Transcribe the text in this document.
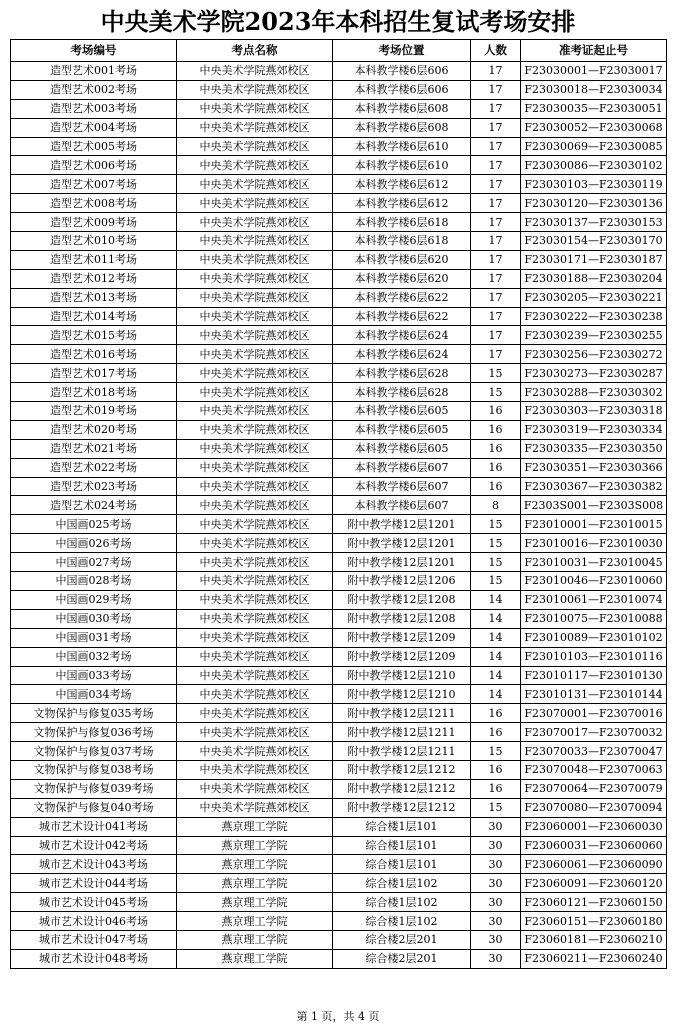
中央美术学院2023年本科招生复试考场安排
考场编号	考点名称	考场位置	人数	准考证起止号
造型艺术001考场	中央美术学院燕郊校区	本科教学楼6层606	17	F23030001—F23030017
造型艺术002考场	中央美术学院燕郊校区	本科教学楼6层606	17	F23030018—F23030034
造型艺术003考场	中央美术学院燕郊校区	本科教学楼6层608	17	F23030035—F23030051
造型艺术004考场	中央美术学院燕郊校区	本科教学楼6层608	17	F23030052—F23030068
造型艺术005考场	中央美术学院燕郊校区	本科教学楼6层610	17	F23030069—F23030085
造型艺术006考场	中央美术学院燕郊校区	本科教学楼6层610	17	F23030086—F23030102
造型艺术007考场	中央美术学院燕郊校区	本科教学楼6层612	17	F23030103—F23030119
造型艺术008考场	中央美术学院燕郊校区	本科教学楼6层612	17	F23030120—F23030136
造型艺术009考场	中央美术学院燕郊校区	本科教学楼6层618	17	F23030137—F23030153
造型艺术010考场	中央美术学院燕郊校区	本科教学楼6层618	17	F23030154—F23030170
造型艺术011考场	中央美术学院燕郊校区	本科教学楼6层620	17	F23030171—F23030187
造型艺术012考场	中央美术学院燕郊校区	本科教学楼6层620	17	F23030188—F23030204
造型艺术013考场	中央美术学院燕郊校区	本科教学楼6层622	17	F23030205—F23030221
造型艺术014考场	中央美术学院燕郊校区	本科教学楼6层622	17	F23030222—F23030238
造型艺术015考场	中央美术学院燕郊校区	本科教学楼6层624	17	F23030239—F23030255
造型艺术016考场	中央美术学院燕郊校区	本科教学楼6层624	17	F23030256—F23030272
造型艺术017考场	中央美术学院燕郊校区	本科教学楼6层628	15	F23030273—F23030287
造型艺术018考场	中央美术学院燕郊校区	本科教学楼6层628	15	F23030288—F23030302
造型艺术019考场	中央美术学院燕郊校区	本科教学楼6层605	16	F23030303—F23030318
造型艺术020考场	中央美术学院燕郊校区	本科教学楼6层605	16	F23030319—F23030334
造型艺术021考场	中央美术学院燕郊校区	本科教学楼6层605	16	F23030335—F23030350
造型艺术022考场	中央美术学院燕郊校区	本科教学楼6层607	16	F23030351—F23030366
造型艺术023考场	中央美术学院燕郊校区	本科教学楼6层607	16	F23030367—F23030382
造型艺术024考场	中央美术学院燕郊校区	本科教学楼6层607	8	F2303S001—F2303S008
中国画025考场	中央美术学院燕郊校区	附中教学楼12层1201	15	F23010001—F23010015
中国画026考场	中央美术学院燕郊校区	附中教学楼12层1201	15	F23010016—F23010030
中国画027考场	中央美术学院燕郊校区	附中教学楼12层1201	15	F23010031—F23010045
中国画028考场	中央美术学院燕郊校区	附中教学楼12层1206	15	F23010046—F23010060
中国画029考场	中央美术学院燕郊校区	附中教学楼12层1208	14	F23010061—F23010074
中国画030考场	中央美术学院燕郊校区	附中教学楼12层1208	14	F23010075—F23010088
中国画031考场	中央美术学院燕郊校区	附中教学楼12层1209	14	F23010089—F23010102
中国画032考场	中央美术学院燕郊校区	附中教学楼12层1209	14	F23010103—F23010116
中国画033考场	中央美术学院燕郊校区	附中教学楼12层1210	14	F23010117—F23010130
中国画034考场	中央美术学院燕郊校区	附中教学楼12层1210	14	F23010131—F23010144
文物保护与修复035考场	中央美术学院燕郊校区	附中教学楼12层1211	16	F23070001—F23070016
文物保护与修复036考场	中央美术学院燕郊校区	附中教学楼12层1211	16	F23070017—F23070032
文物保护与修复037考场	中央美术学院燕郊校区	附中教学楼12层1211	15	F23070033—F23070047
文物保护与修复038考场	中央美术学院燕郊校区	附中教学楼12层1212	16	F23070048—F23070063
文物保护与修复039考场	中央美术学院燕郊校区	附中教学楼12层1212	16	F23070064—F23070079
文物保护与修复040考场	中央美术学院燕郊校区	附中教学楼12层1212	15	F23070080—F23070094
城市艺术设计041考场	燕京理工学院	综合楼1层101	30	F23060001—F23060030
城市艺术设计042考场	燕京理工学院	综合楼1层101	30	F23060031—F23060060
城市艺术设计043考场	燕京理工学院	综合楼1层101	30	F23060061—F23060090
城市艺术设计044考场	燕京理工学院	综合楼1层102	30	F23060091—F23060120
城市艺术设计045考场	燕京理工学院	综合楼1层102	30	F23060121—F23060150
城市艺术设计046考场	燕京理工学院	综合楼1层102	30	F23060151—F23060180
城市艺术设计047考场	燕京理工学院	综合楼2层201	30	F23060181—F23060210
城市艺术设计048考场	燕京理工学院	综合楼2层201	30	F23060211—F23060240
第 1 页，共 4 页
